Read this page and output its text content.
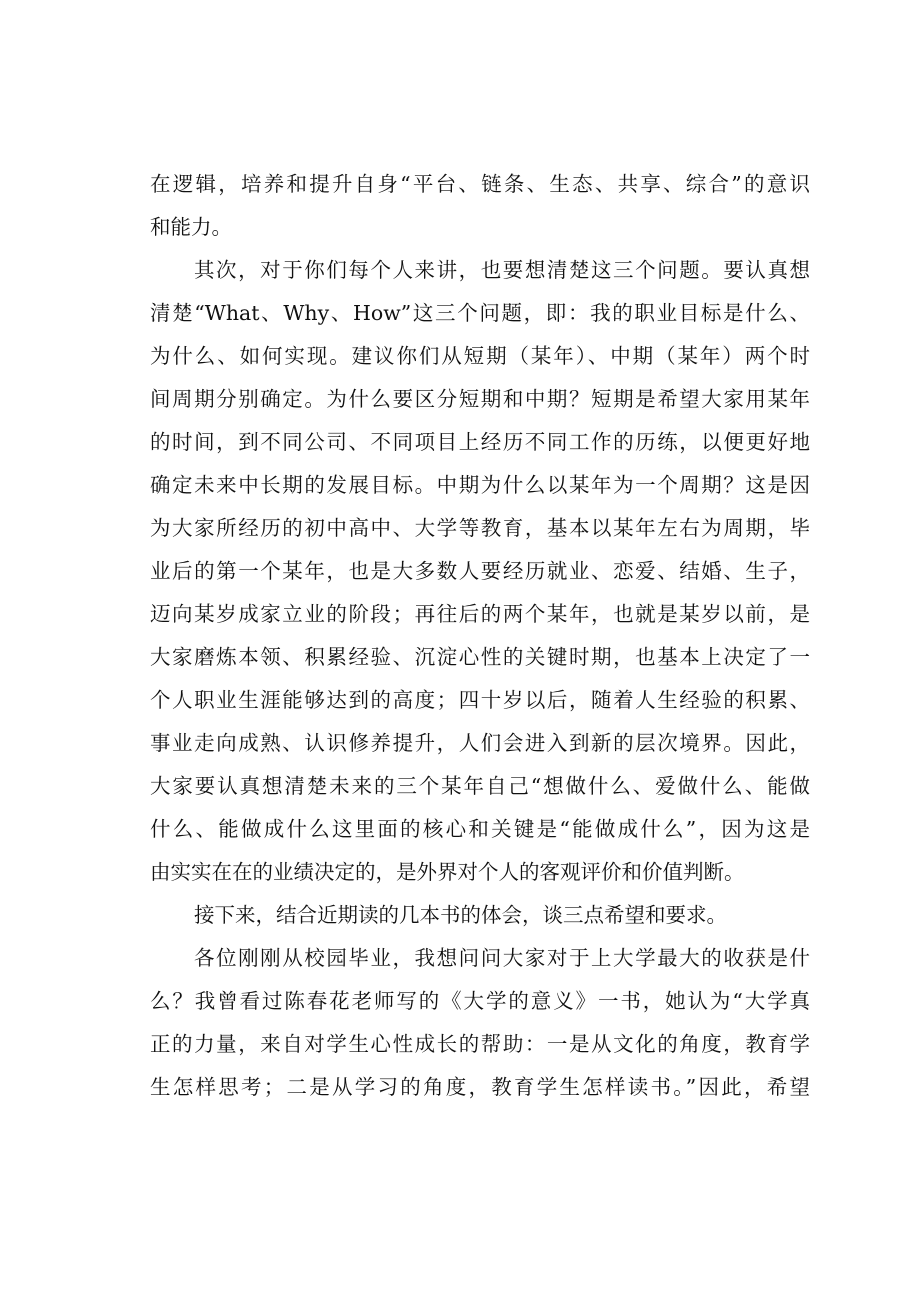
在逻辑，培养和提升自身“平台、链条、生态、共享、综合”的意识
和能力。
其次，对于你们每个人来讲，也要想清楚这三个问题。要认真想
清楚“What、Why、How”这三个问题，即：我的职业目标是什么、
为什么、如何实现。建议你们从短期（某年）、中期（某年）两个时
间周期分别确定。为什么要区分短期和中期？短期是希望大家用某年
的时间，到不同公司、不同项目上经历不同工作的历练，以便更好地
确定未来中长期的发展目标。中期为什么以某年为一个周期？这是因
为大家所经历的初中高中、大学等教育，基本以某年左右为周期，毕
业后的第一个某年，也是大多数人要经历就业、恋爱、结婚、生子，
迈向某岁成家立业的阶段；再往后的两个某年，也就是某岁以前，是
大家磨炼本领、积累经验、沉淀心性的关键时期，也基本上决定了一
个人职业生涯能够达到的高度；四十岁以后，随着人生经验的积累、
事业走向成熟、认识修养提升，人们会进入到新的层次境界。因此，
大家要认真想清楚未来的三个某年自己“想做什么、爱做什么、能做
什么、能做成什么这里面的核心和关键是“能做成什么”，因为这是
由实实在在的业绩决定的，是外界对个人的客观评价和价值判断。
接下来，结合近期读的几本书的体会，谈三点希望和要求。
各位刚刚从校园毕业，我想问问大家对于上大学最大的收获是什
么？我曾看过陈春花老师写的《大学的意义》一书，她认为“大学真
正的力量，来自对学生心性成长的帮助：一是从文化的角度，教育学
生怎样思考；二是从学习的角度，教育学生怎样读书。”因此，希望
